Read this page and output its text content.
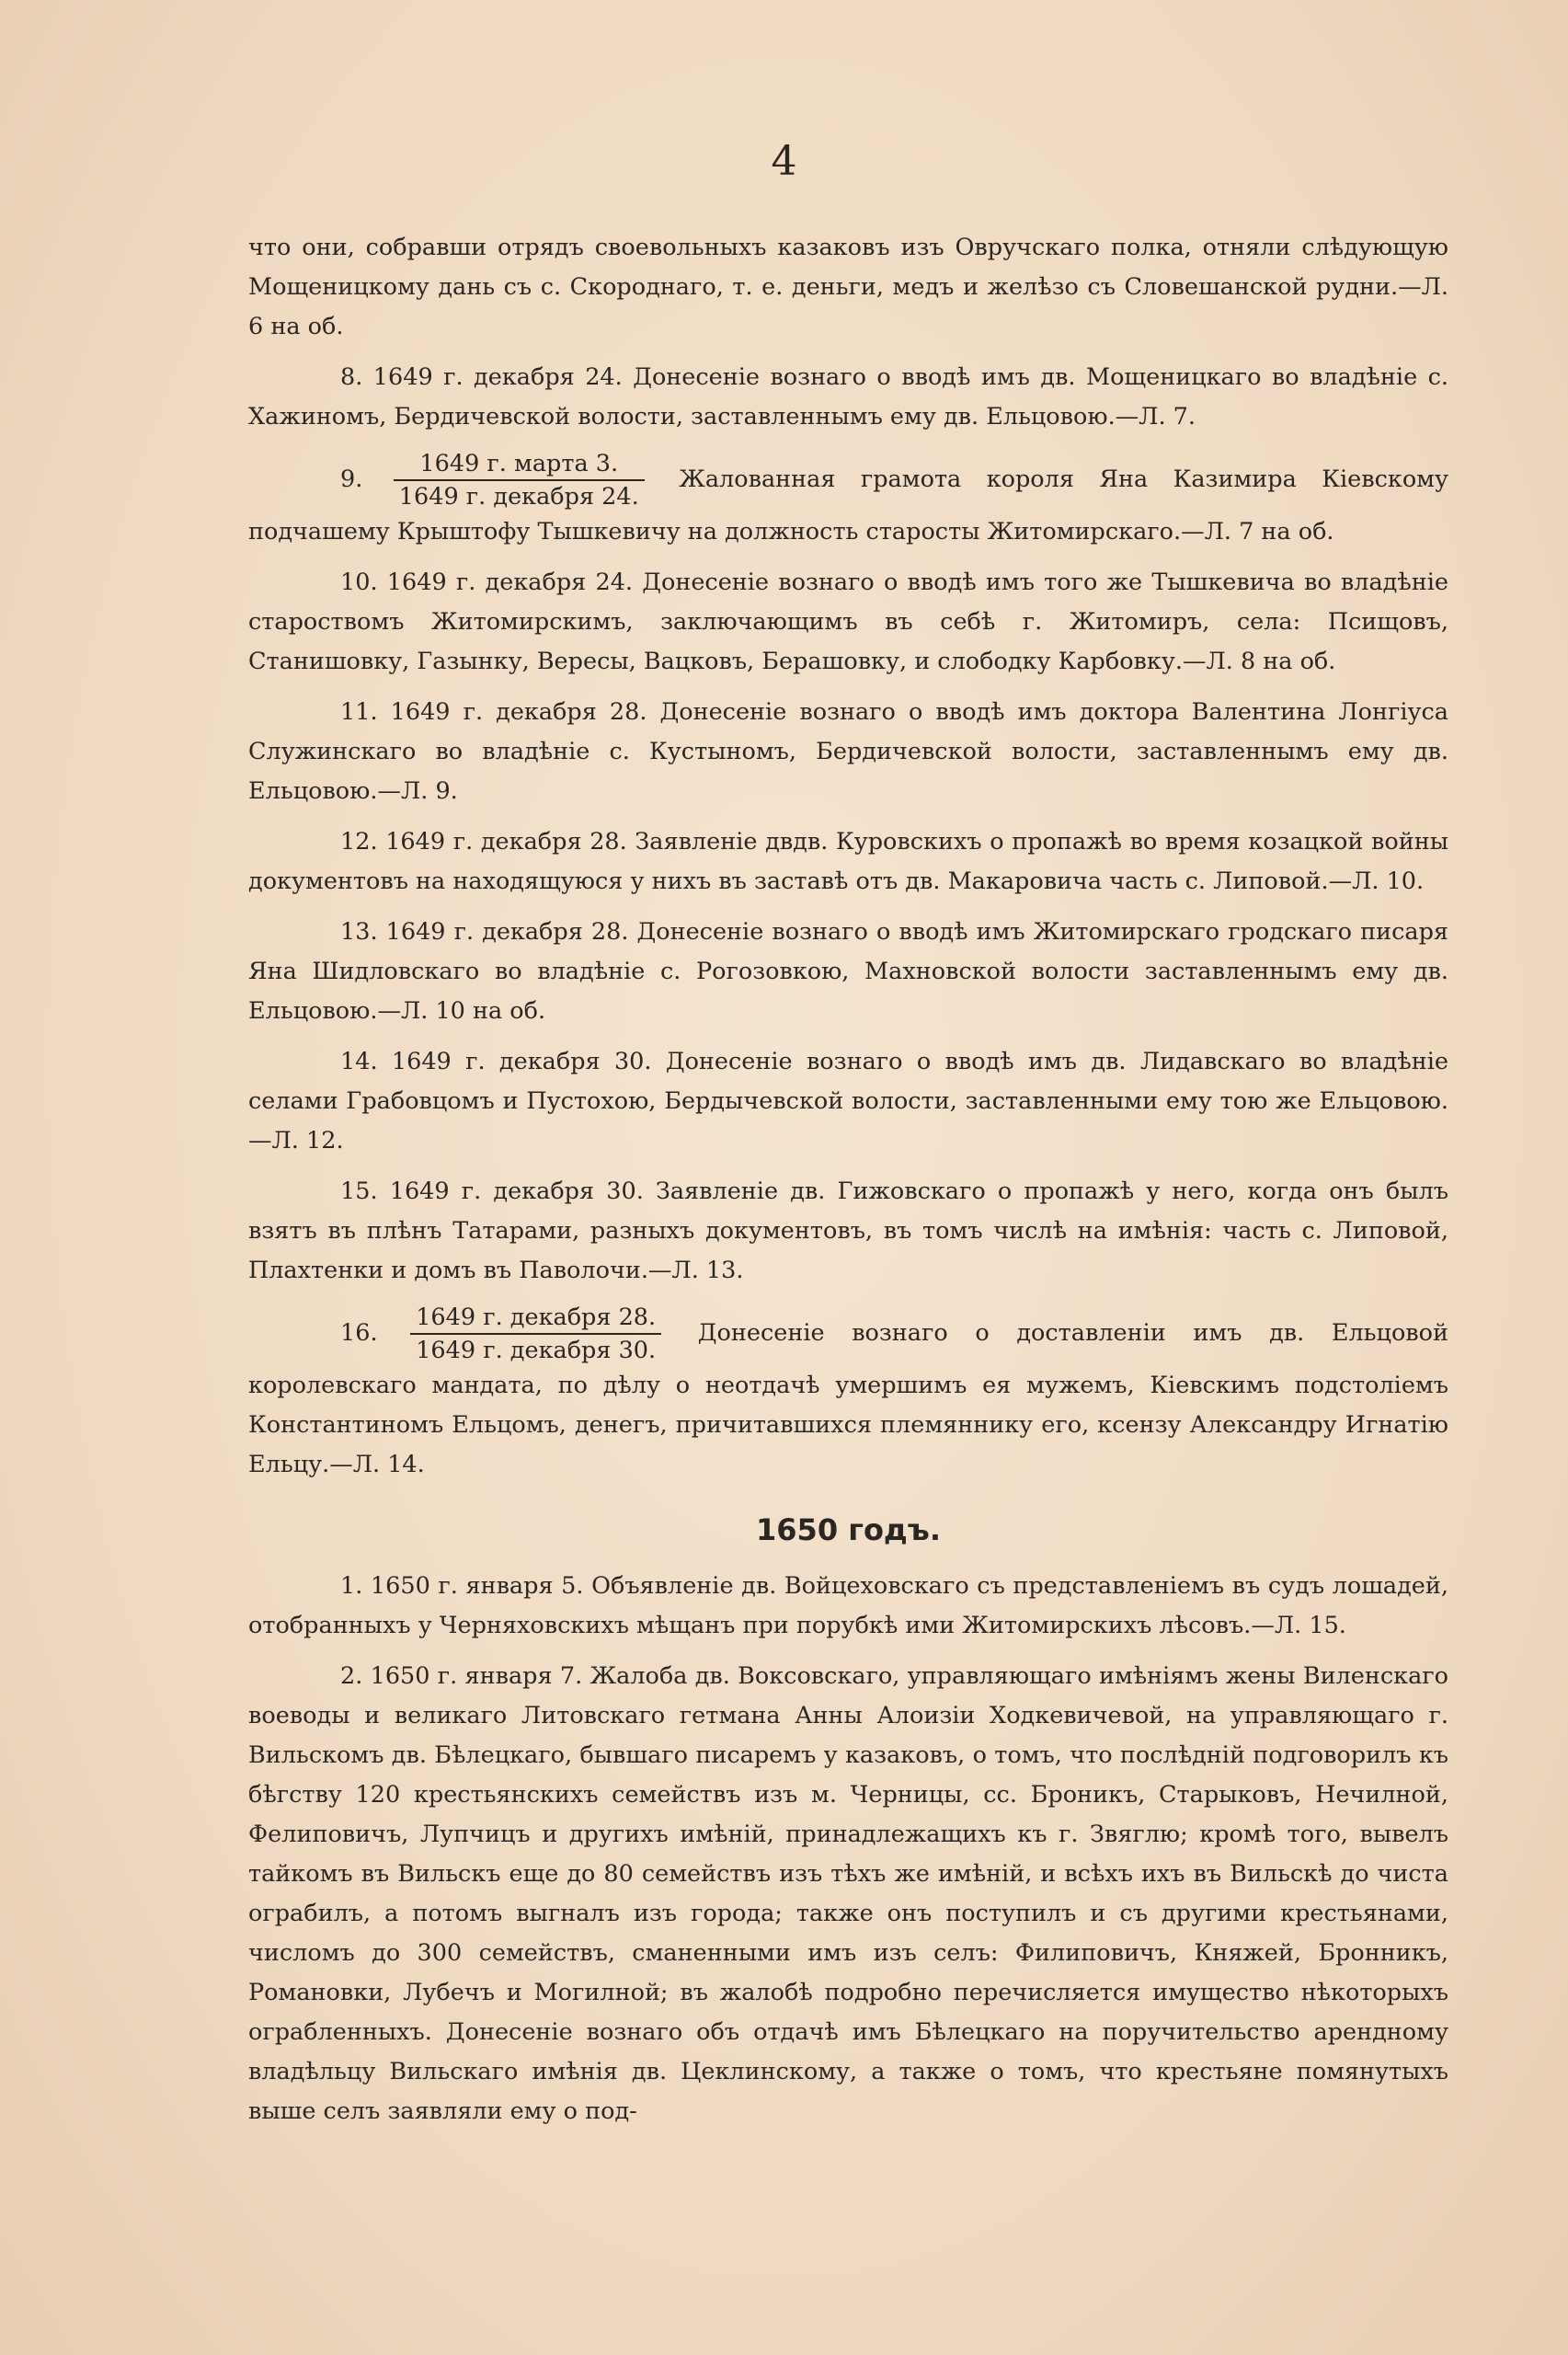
4

что они, собравши отрядъ своевольныхъ казаковъ изъ Овручскаго полка, отняли слѣдующую Мощеницкому дань съ с. Скороднаго, т. е. деньги, медъ и желѣзо съ Словешанской рудни.—Л. 6 на об.

8. 1649 г. декабря 24. Донесеніе вознаго о вводѣ имъ дв. Мощеницкаго во владѣніе с. Хажиномъ, Бердичевской волости, заставленнымъ ему дв. Ельцовою.—Л. 7.

9. $\frac{\text{1649 г. марта 3.}}{\text{1649 г. декабря 24.}}$ Жалованная грамота короля Яна Казимира Кіевскому подчашему Крыштофу Тышкевичу на должность старосты Житомирскаго.—Л. 7 на об.

10. 1649 г. декабря 24. Донесеніе вознаго о вводѣ имъ того же Тышкевича во владѣніе староствомъ Житомирскимъ, заключающимъ въ себѣ г. Житомиръ, села: Псищовъ, Станишовку, Газынку, Вересы, Вацковъ, Берашовку, и слободку Карбовку.—Л. 8 на об.

11. 1649 г. декабря 28. Донесеніе вознаго о вводѣ имъ доктора Валентина Лонгіуса Служинскаго во владѣніе с. Кустыномъ, Бердичевской волости, заставленнымъ ему дв. Ельцовою.—Л. 9.

12. 1649 г. декабря 28. Заявленіе двдв. Куровскихъ о пропажѣ во время козацкой войны документовъ на находящуюся у нихъ въ заставѣ отъ дв. Макаровича часть с. Липовой.—Л. 10.

13. 1649 г. декабря 28. Донесеніе вознаго о вводѣ имъ Житомирскаго гродскаго писаря Яна Шидловскаго во владѣніе с. Рогозовкою, Махновской волости заставленнымъ ему дв. Ельцовою.—Л. 10 на об.

14. 1649 г. декабря 30. Донесеніе вознаго о вводѣ имъ дв. Лидавскаго во владѣніе селами Грабовцомъ и Пустохою, Бердычевской волости, заставленными ему тою же Ельцовою.—Л. 12.

15. 1649 г. декабря 30. Заявленіе дв. Гижовскаго о пропажѣ у него, когда онъ былъ взятъ въ плѣнъ Татарами, разныхъ документовъ, въ томъ числѣ на имѣнія: часть с. Липовой, Плахтенки и домъ въ Паволочи.—Л. 13.

16. $\frac{\text{1649 г. декабря 28.}}{\text{1649 г. декабря 30.}}$ Донесеніе вознаго о доставленіи имъ дв. Ельцовой королевскаго мандата, по дѣлу о неотдачѣ умершимъ ея мужемъ, Кіевскимъ подстоліемъ Константиномъ Ельцомъ, денегъ, причитавшихся племяннику его, ксензу Александру Игнатію Ельцу.—Л. 14.

1650 годъ.

1. 1650 г. января 5. Объявленіе дв. Войцеховскаго съ представленіемъ въ судъ лошадей, отобранныхъ у Черняховскихъ мѣщанъ при порубкѣ ими Житомирскихъ лѣсовъ.—Л. 15.

2. 1650 г. января 7. Жалоба дв. Воксовскаго, управляющаго имѣніямъ жены Виленскаго воеводы и великаго Литовскаго гетмана Анны Алоизіи Ходкевичевой, на управляющаго г. Вильскомъ дв. Бѣлецкаго, бывшаго писаремъ у казаковъ, о томъ, что послѣдній подговорилъ къ бѣгству 120 крестьянскихъ семействъ изъ м. Черницы, сс. Броникъ, Старыковъ, Нечилной, Фелиповичъ, Лупчицъ и другихъ имѣній, принадлежащихъ къ г. Звяглю; кромѣ того, вывелъ тайкомъ въ Вильскъ еще до 80 семействъ изъ тѣхъ же имѣній, и всѣхъ ихъ въ Вильскѣ до чиста ограбилъ, а потомъ выгналъ изъ города; также онъ поступилъ и съ другими крестьянами, числомъ до 300 семействъ, сманенными имъ изъ селъ: Филиповичъ, Княжей, Бронникъ, Романовки, Лубечъ и Могилной; въ жалобѣ подробно перечисляется имущество нѣкоторыхъ ограбленныхъ. Донесеніе вознаго объ отдачѣ имъ Бѣлецкаго на поручительство арендному владѣльцу Вильскаго имѣнія дв. Цеклинскому, а также о томъ, что крестьяне помянутыхъ выше селъ заявляли ему о под-
